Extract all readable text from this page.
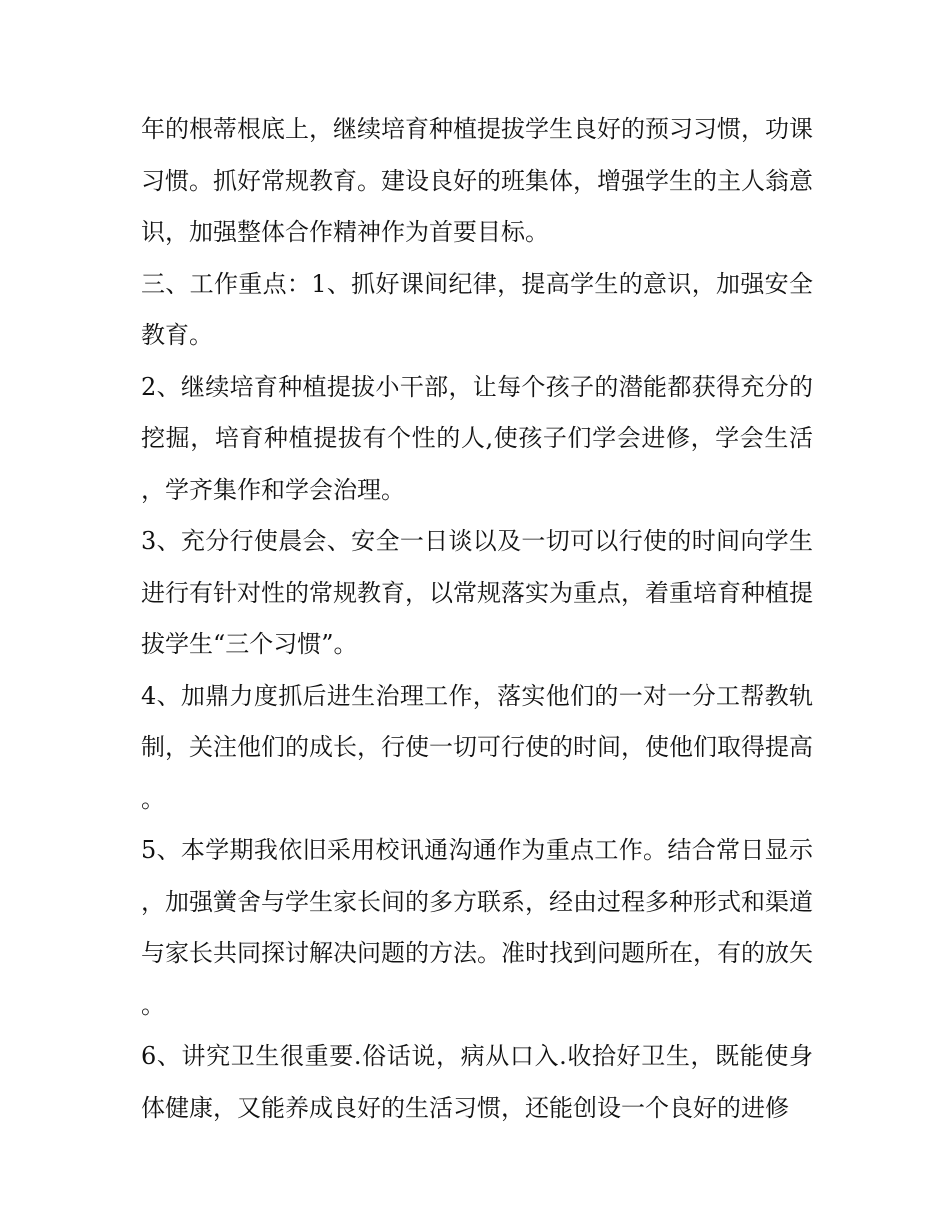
年的根蒂根底上，继续培育种植提拔学生良好的预习习惯，功课习惯。抓好常规教育。建设良好的班集体，增强学生的主人翁意识，加强整体合作精神作为首要目标。

三、工作重点：1、抓好课间纪律，提高学生的意识，加强安全教育。

2、继续培育种植提拔小干部，让每个孩子的潜能都获得充分的挖掘，培育种植提拔有个性的人,使孩子们学会进修，学会生活，学齐集作和学会治理。

3、充分行使晨会、安全一日谈以及一切可以行使的时间向学生进行有针对性的常规教育，以常规落实为重点，着重培育种植提拔学生“三个习惯”。

4、加鼎力度抓后进生治理工作，落实他们的一对一分工帮教轨制，关注他们的成长，行使一切可行使的时间，使他们取得提高。

5、本学期我依旧采用校讯通沟通作为重点工作。结合常日显示，加强黉舍与学生家长间的多方联系，经由过程多种形式和渠道与家长共同探讨解决问题的方法。准时找到问题所在，有的放矢。

6、讲究卫生很重要.俗话说，病从口入.收拾好卫生，既能使身体健康，又能养成良好的生活习惯，还能创设一个良好的进修
